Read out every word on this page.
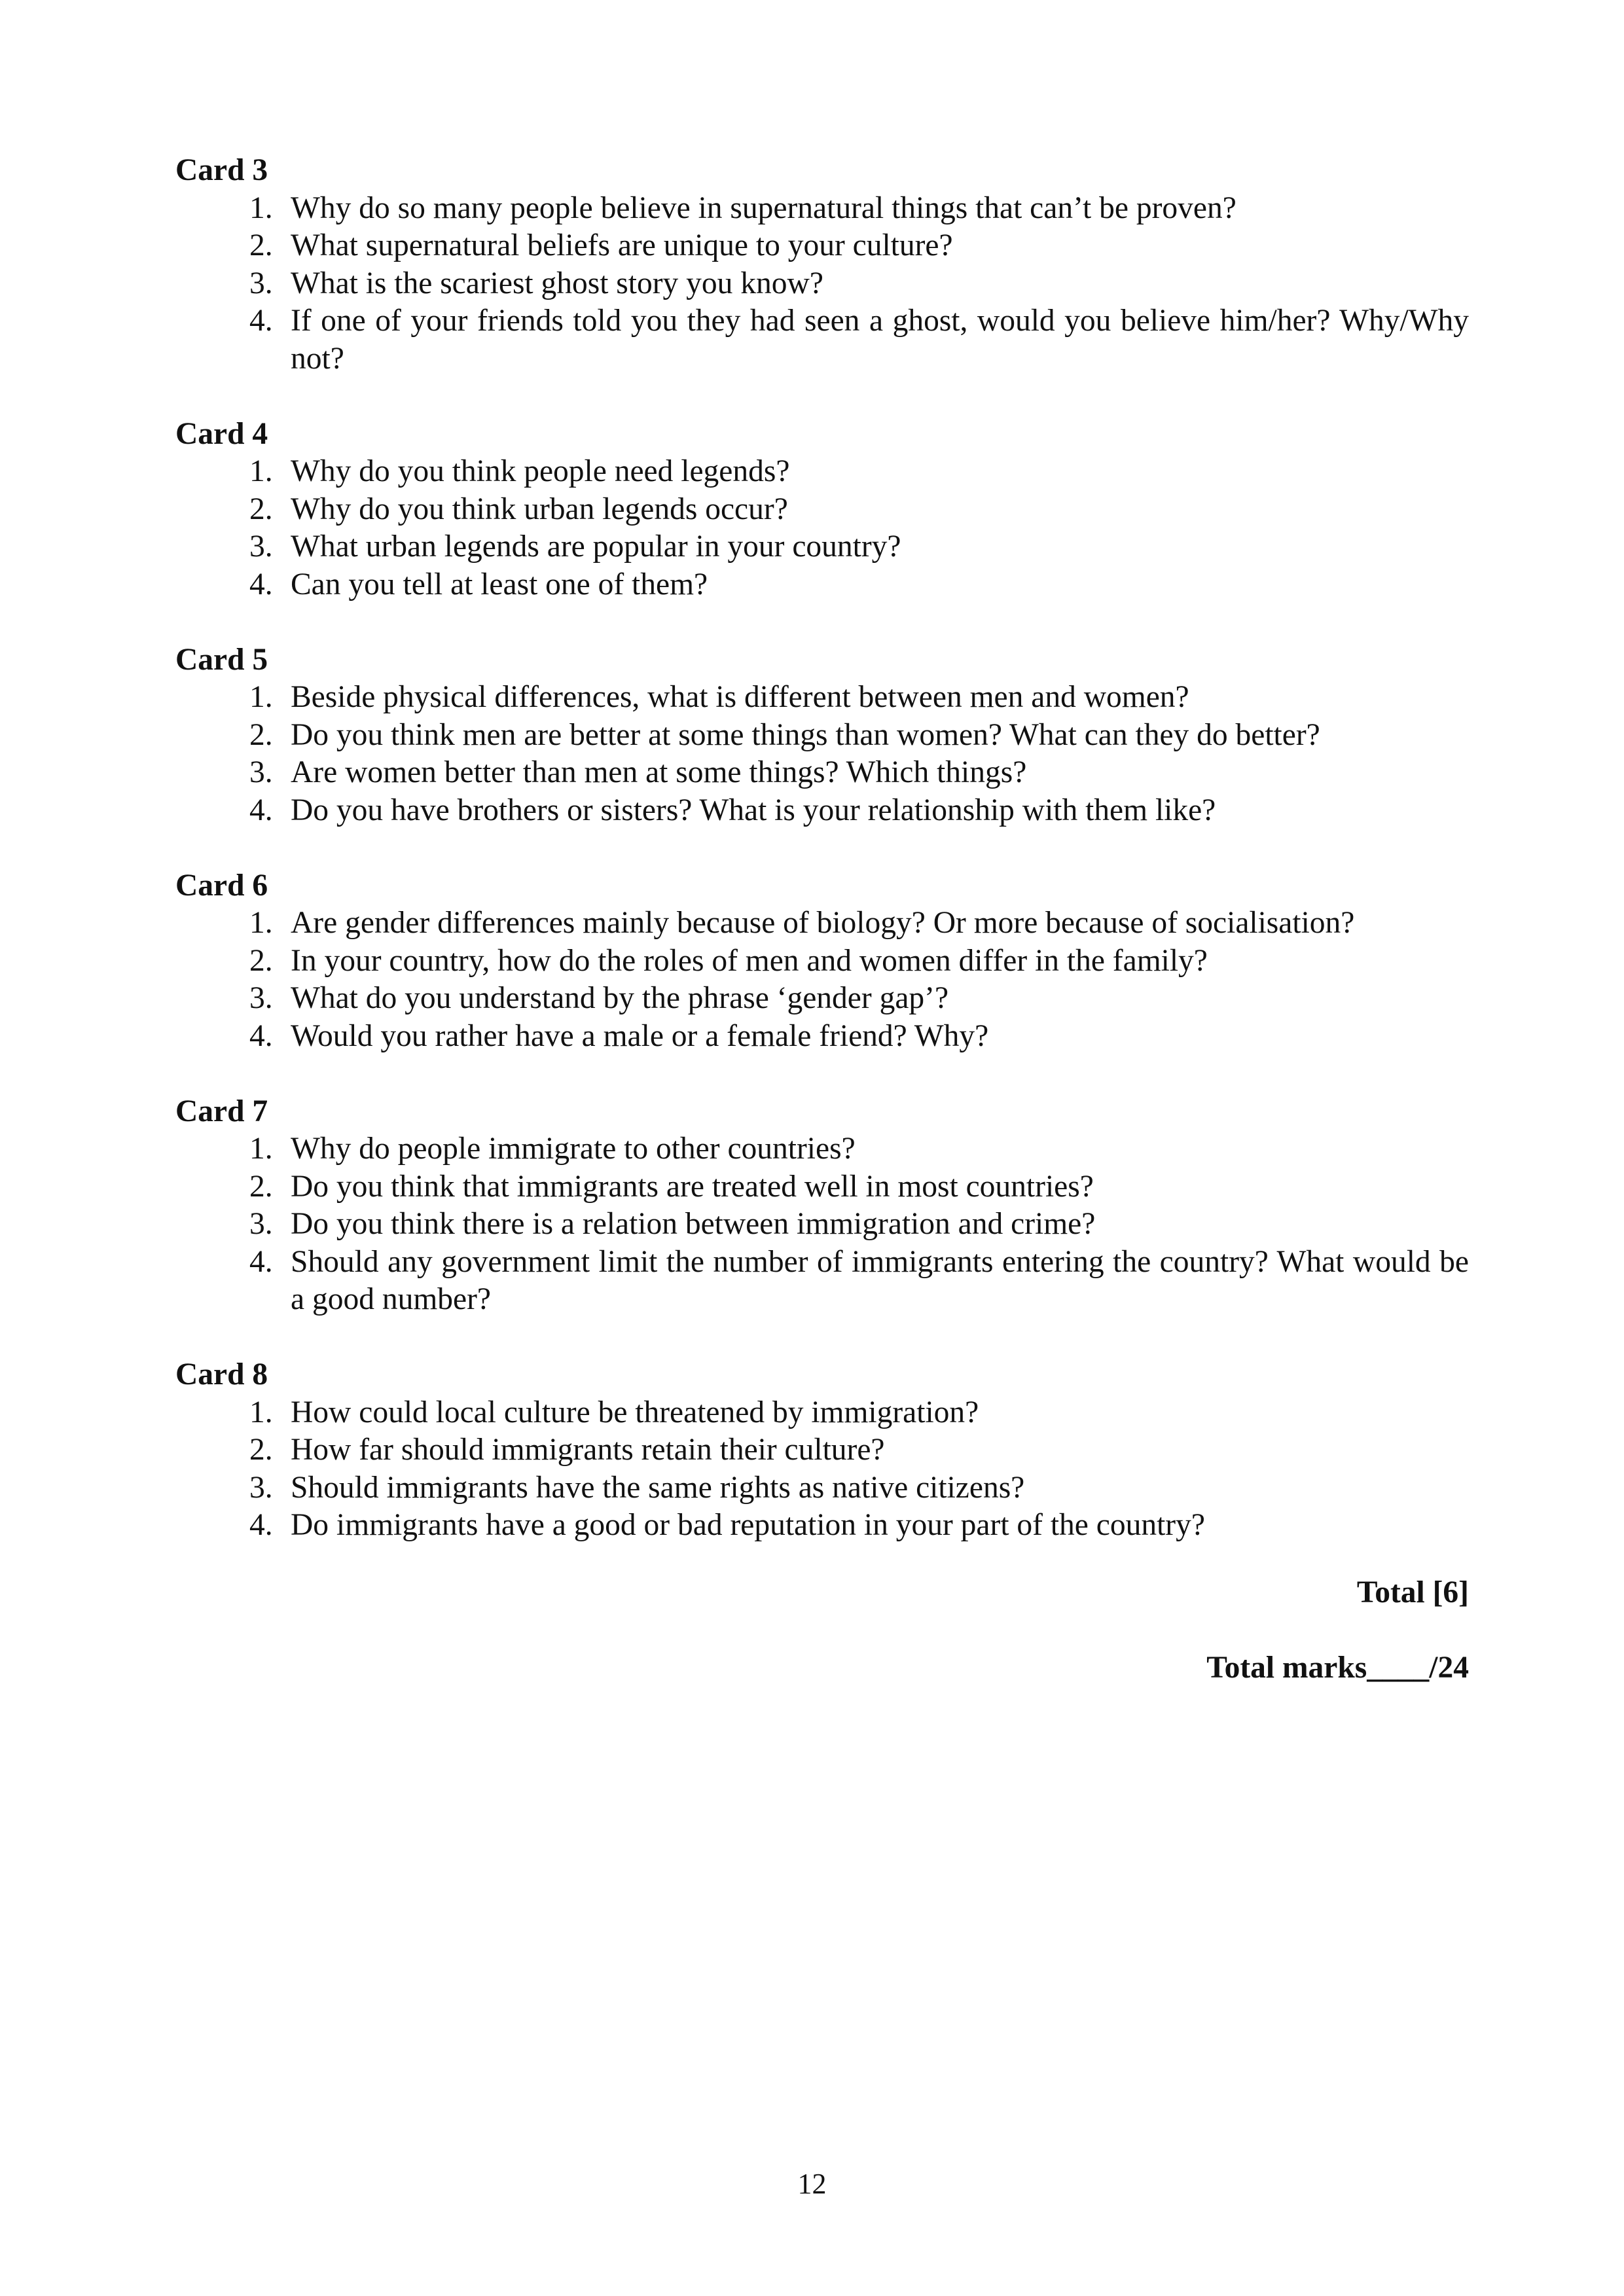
Card 3

1. Why do so many people believe in supernatural things that can’t be proven?
2. What supernatural beliefs are unique to your culture?
3. What is the scariest ghost story you know?
4. If one of your friends told you they had seen a ghost, would you believe him/her? Why/Why not?

Card 4

1. Why do you think people need legends?
2. Why do you think urban legends occur?
3. What urban legends are popular in your country?
4. Can you tell at least one of them?

Card 5

1. Beside physical differences, what is different between men and women?
2. Do you think men are better at some things than women? What can they do better?
3. Are women better than men at some things? Which things?
4. Do you have brothers or sisters? What is your relationship with them like?

Card 6

1. Are gender differences mainly because of biology? Or more because of socialisation?
2. In your country, how do the roles of men and women differ in the family?
3. What do you understand by the phrase ‘gender gap’?
4. Would you rather have a male or a female friend? Why?

Card 7

1. Why do people immigrate to other countries?
2. Do you think that immigrants are treated well in most countries?
3. Do you think there is a relation between immigration and crime?
4. Should any government limit the number of immigrants entering the country? What would be a good number?

Card 8

1. How could local culture be threatened by immigration?
2. How far should immigrants retain their culture?
3. Should immigrants have the same rights as native citizens?
4. Do immigrants have a good or bad reputation in your part of the country?
Total [6]
Total marks____/24
12
